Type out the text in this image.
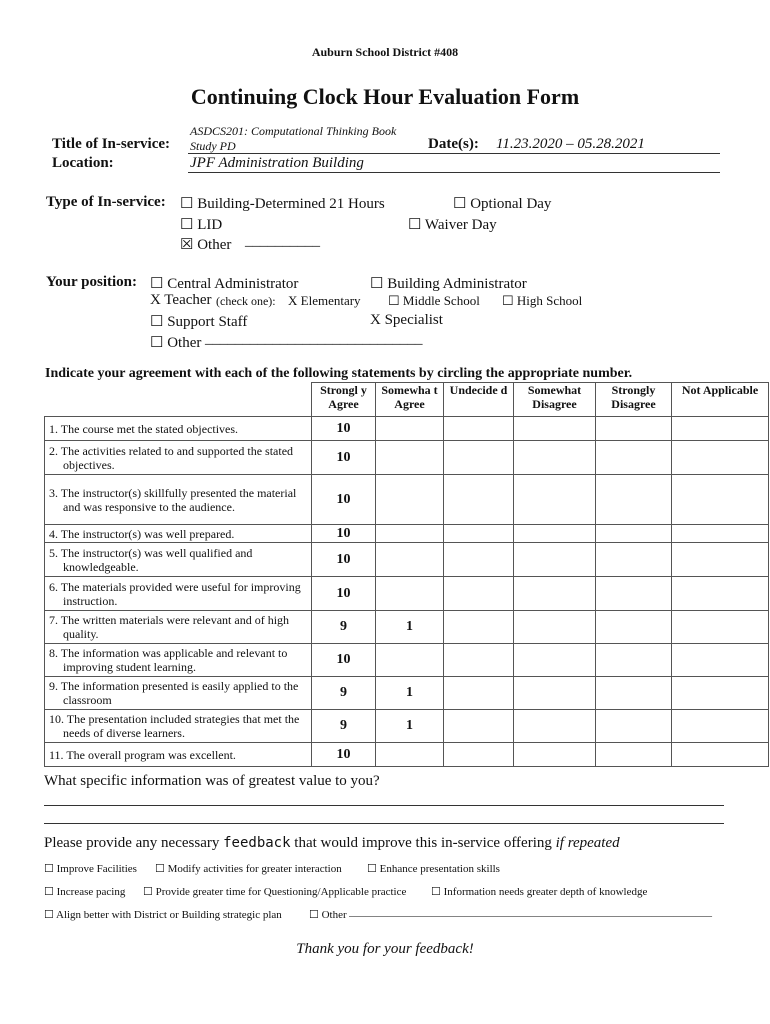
Auburn School District #408
Continuing Clock Hour Evaluation Form
Title of In-service:
ASDCS201: Computational Thinking Book
Study PD	Date(s): 11.23.2020 – 05.28.2021
Location:	JPF Administration Building
Type of In-service: ☐ Building-Determined 21 Hours	☐ Optional Day
☐ LID	☐ Waiver Day
☒ Other __________
Your position: ☐ Central Administrator	☐ Building Administrator
X Teacher (check one): X Elementary ☐ Middle School ☐ High School
☐ Support Staff	X Specialist
☐ Other _____________________________
Indicate your agreement with each of the following statements by circling the appropriate number.
	Strongl y Agree	Somewha t Agree	Undecide d	Somewhat Disagree	Strongly Disagree	Not Applicable

1. The course met the stated objectives.	10					

2. The activities related to and supported the stated objectives.	10					

3. The instructor(s) skillfully presented the material and was responsive to the audience.	10					

4. The instructor(s) was well prepared.	10					

5. The instructor(s) was well qualified and knowledgeable.	10					

6. The materials provided were useful for improving instruction.	10					

7. The written materials were relevant and of high quality.	9	1				

8. The information was applicable and relevant to improving student learning.	10					

9. The information presented is easily applied to the classroom	9	1				

10. The presentation included strategies that met the needs of diverse learners.	9	1				

11. The overall program was excellent.	10					
What specific information was of greatest value to you?
Please provide any necessary feedback that would improve this in-service offering if repeated
☐ Improve Facilities ☐ Modify activities for greater interaction ☐ Enhance presentation skills
☐ Increase pacing ☐ Provide greater time for Questioning/Applicable practice ☐ Information needs greater depth of knowledge
☐ Align better with District or Building strategic plan ☐ Other __________________________________________________________________
Thank you for your feedback!
